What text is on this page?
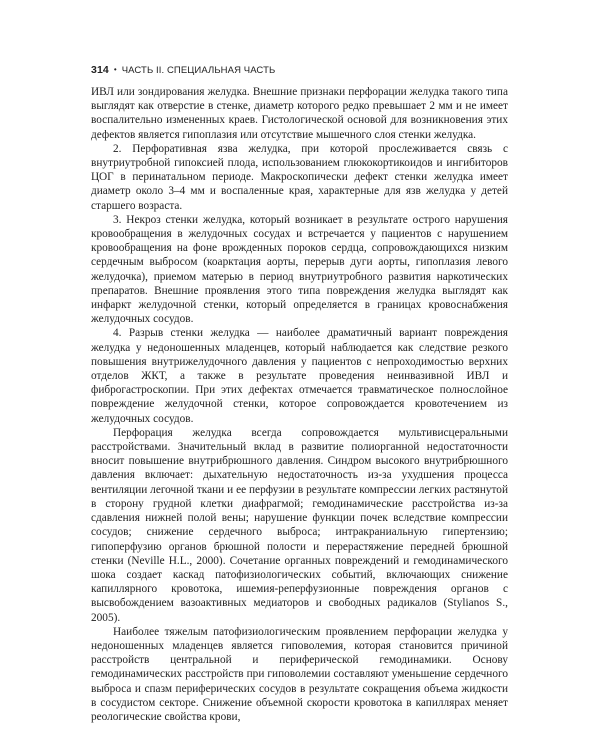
314 • ЧАСТЬ II. СПЕЦИАЛЬНАЯ ЧАСТЬ

ИВЛ или зондирования желудка. Внешние признаки перфорации желудка такого типа выглядят как отверстие в стенке, диаметр которого редко превышает 2 мм и не имеет воспалительно измененных краев. Гистологической основой для возникновения этих дефектов является гипоплазия или отсутствие мышечного слоя стенки желудка.

2. Перфоративная язва желудка, при которой прослеживается связь с внутриутробной гипоксией плода, использованием глюкокортикоидов и ингибиторов ЦОГ в перинатальном периоде. Макроскопически дефект стенки желудка имеет диаметр около 3–4 мм и воспаленные края, характерные для язв желудка у детей старшего возраста.

3. Некроз стенки желудка, который возникает в результате острого нарушения кровообращения в желудочных сосудах и встречается у пациентов с нарушением кровообращения на фоне врожденных пороков сердца, сопровождающихся низким сердечным выбросом (коарктация аорты, перерыв дуги аорты, гипоплазия левого желудочка), приемом матерью в период внутриутробного развития наркотических препаратов. Внешние проявления этого типа повреждения желудка выглядят как инфаркт желудочной стенки, который определяется в границах кровоснабжения желудочных сосудов.

4. Разрыв стенки желудка — наиболее драматичный вариант повреждения желудка у недоношенных младенцев, который наблюдается как следствие резкого повышения внутрижелудочного давления у пациентов с непроходимостью верхних отделов ЖКТ, а также в результате проведения неинвазивной ИВЛ и фиброгастроскопии. При этих дефектах отмечается травматическое полнослойное повреждение желудочной стенки, которое сопровождается кровотечением из желудочных сосудов.

Перфорация желудка всегда сопровождается мультивисцеральными расстройствами. Значительный вклад в развитие полиорганной недостаточности вносит повышение внутрибрюшного давления. Синдром высокого внутрибрюшного давления включает: дыхательную недостаточность из-за ухудшения процесса вентиляции легочной ткани и ее перфузии в результате компрессии легких растянутой в сторону грудной клетки диафрагмой; гемодинамические расстройства из-за сдавления нижней полой вены; нарушение функции почек вследствие компрессии сосудов; снижение сердечного выброса; интракраниальную гипертензию; гипоперфузию органов брюшной полости и перерастяжение передней брюшной стенки (Neville H.L., 2000). Сочетание органных повреждений и гемодинамического шока создает каскад патофизиологических событий, включающих снижение капиллярного кровотока, ишемия-реперфузионные повреждения органов с высвобождением вазоактивных медиаторов и свободных радикалов (Stylianos S., 2005).

Наиболее тяжелым патофизиологическим проявлением перфорации желудка у недоношенных младенцев является гиповолемия, которая становится причиной расстройств центральной и периферической гемодинамики. Основу гемодинамических расстройств при гиповолемии составляют уменьшение сердечного выброса и спазм периферических сосудов в результате сокращения объема жидкости в сосудистом секторе. Снижение объемной скорости кровотока в капиллярах меняет реологические свойства крови,
